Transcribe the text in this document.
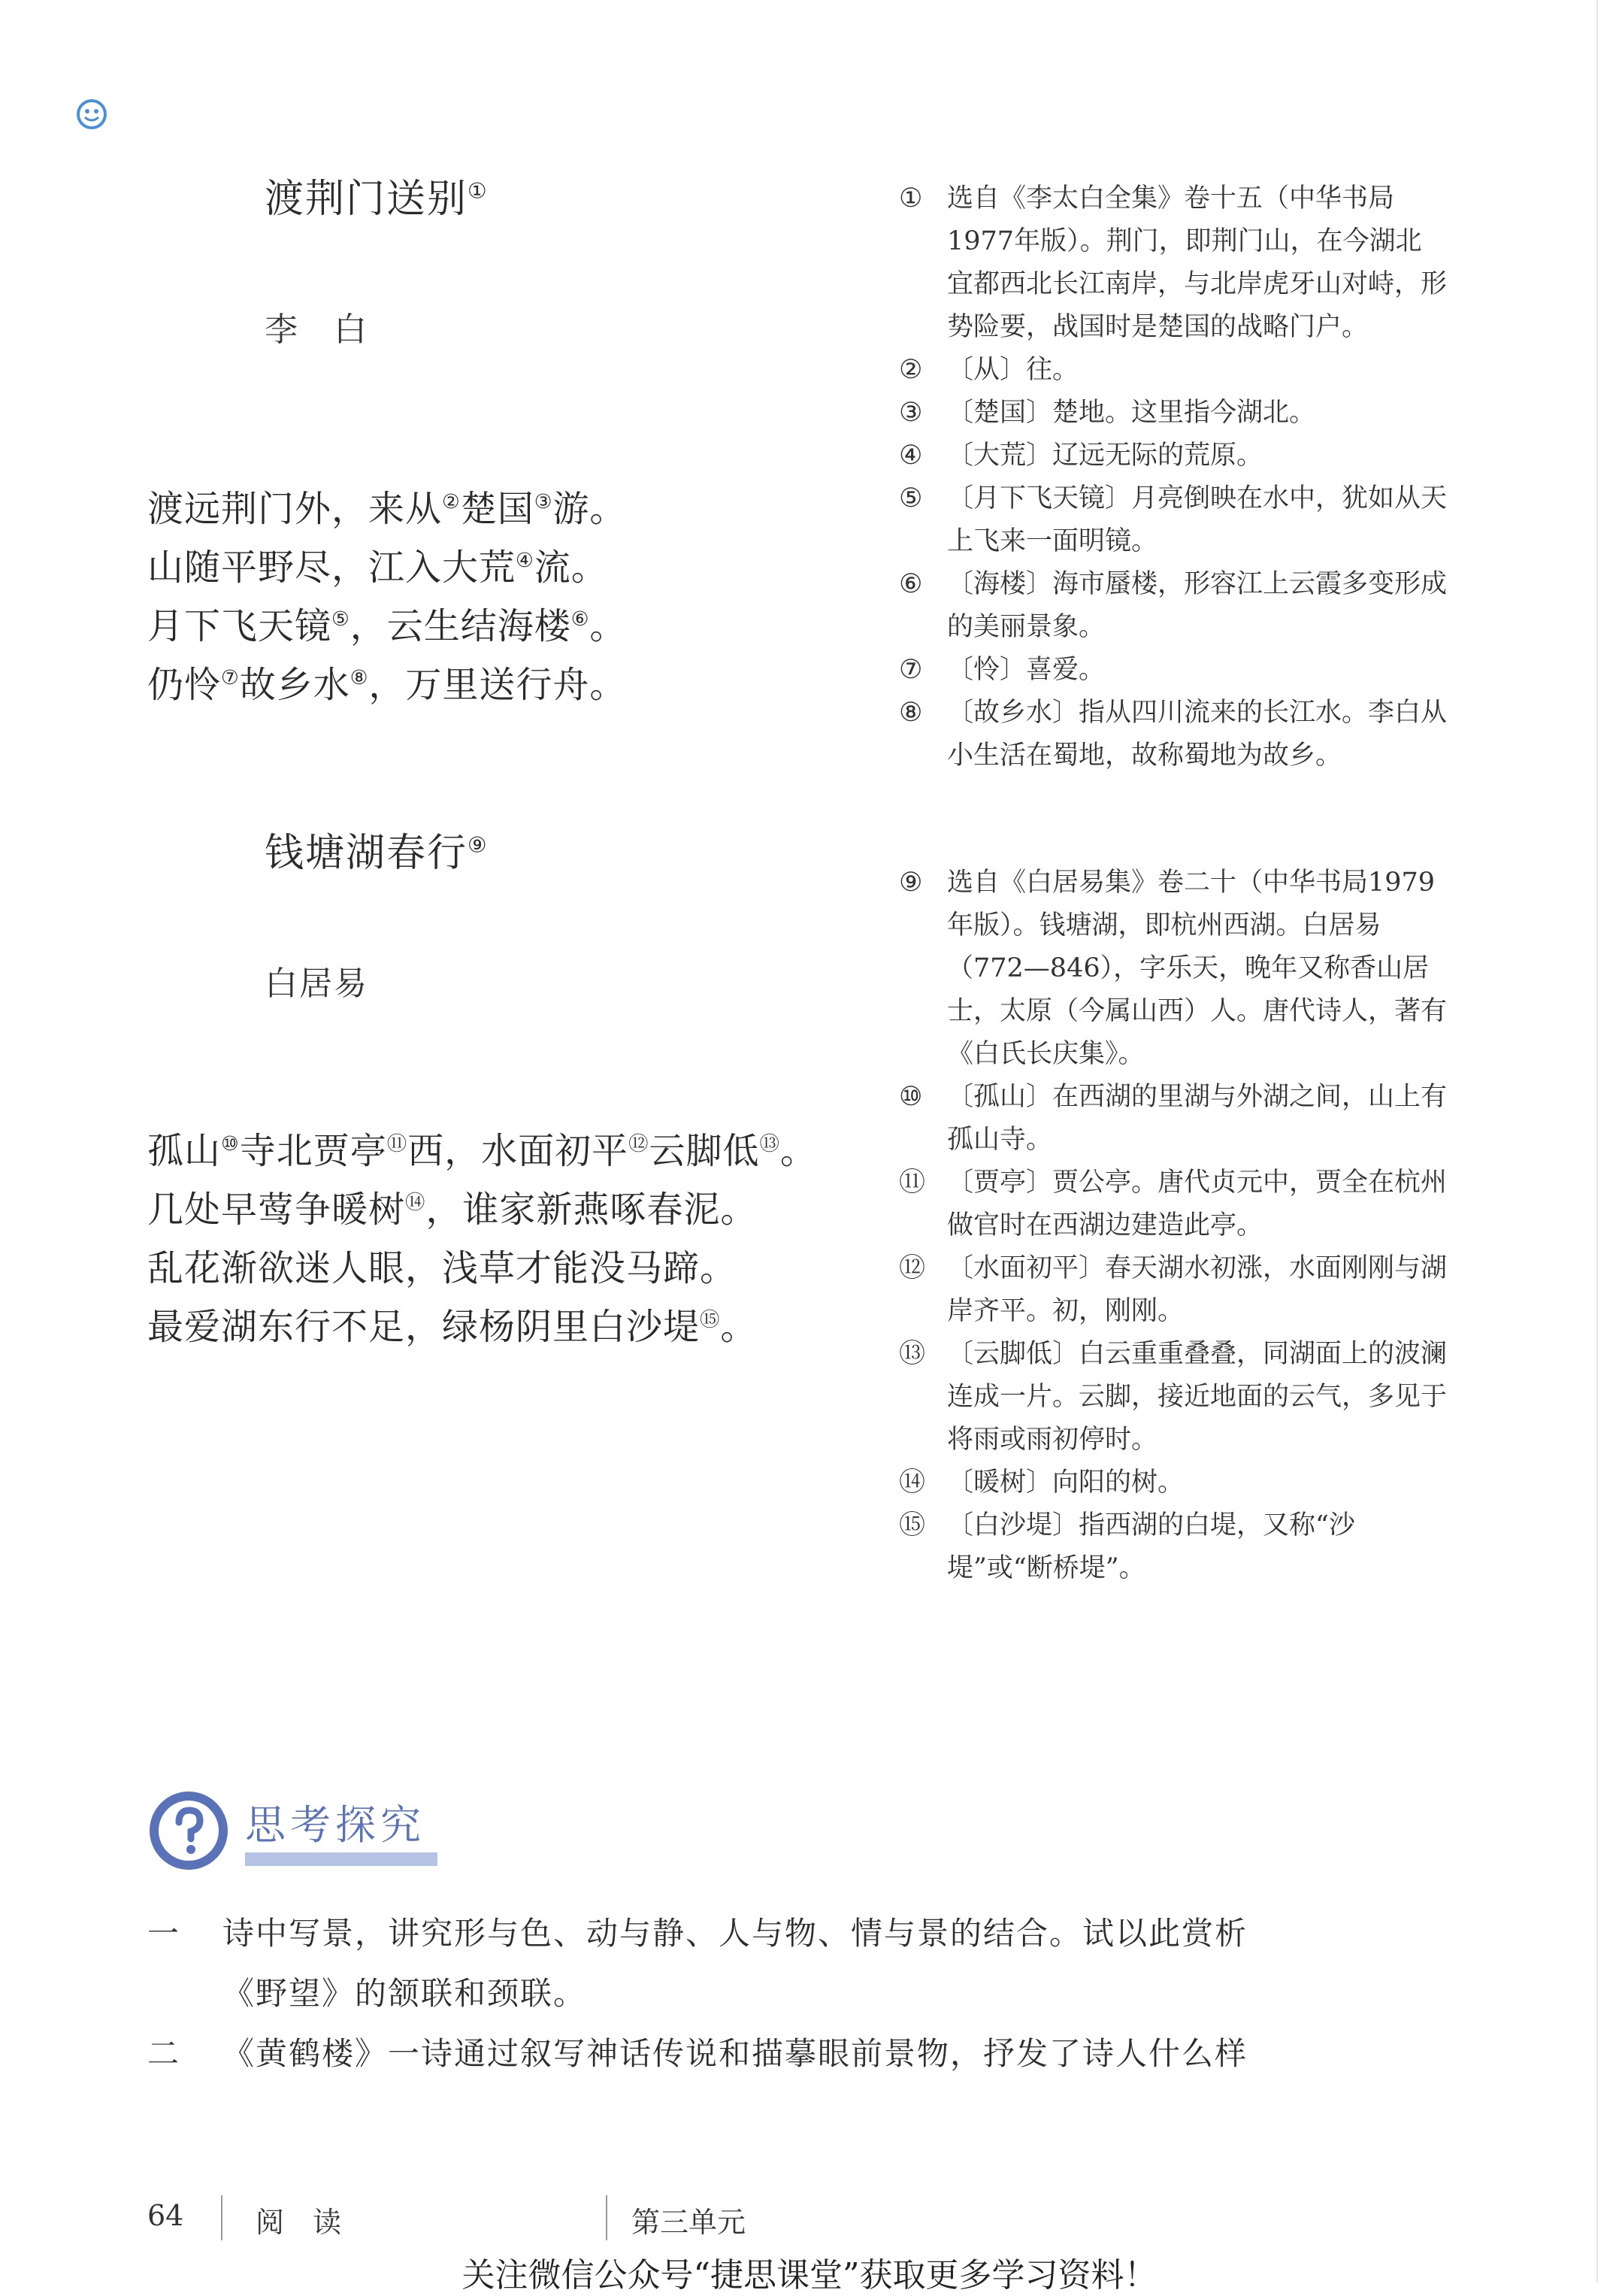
渡荆门送别①
李　白
渡远荆门外，来从②楚国③游。
山随平野尽，江入大荒④流。
月下飞天镜⑤，云生结海楼⑥。
仍怜⑦故乡水⑧，万里送行舟。
钱塘湖春行⑨
白居易
孤山⑩寺北贾亭⑪西，水面初平⑫云脚低⑬。
几处早莺争暖树⑭，谁家新燕啄春泥。
乱花渐欲迷人眼，浅草才能没马蹄。
最爱湖东行不足，绿杨阴里白沙堤⑮。
① 选自《李太白全集》卷十五（中华书局1977年版）。荆门，即荆门山，在今湖北宜都西北长江南岸，与北岸虎牙山对峙，形势险要，战国时是楚国的战略门户。
② 〔从〕往。
③ 〔楚国〕楚地。这里指今湖北。
④ 〔大荒〕辽远无际的荒原。
⑤ 〔月下飞天镜〕月亮倒映在水中，犹如从天上飞来一面明镜。
⑥ 〔海楼〕海市蜃楼，形容江上云霞多变形成的美丽景象。
⑦ 〔怜〕喜爱。
⑧ 〔故乡水〕指从四川流来的长江水。李白从小生活在蜀地，故称蜀地为故乡。
⑨ 选自《白居易集》卷二十（中华书局1979年版）。钱塘湖，即杭州西湖。白居易（772—846），字乐天，晚年又称香山居士，太原（今属山西）人。唐代诗人，著有《白氏长庆集》。
⑩ 〔孤山〕在西湖的里湖与外湖之间，山上有孤山寺。
⑪ 〔贾亭〕贾公亭。唐代贞元中，贾全在杭州做官时在西湖边建造此亭。
⑫ 〔水面初平〕春天湖水初涨，水面刚刚与湖岸齐平。初，刚刚。
⑬ 〔云脚低〕白云重重叠叠，同湖面上的波澜连成一片。云脚，接近地面的云气，多见于将雨或雨初停时。
⑭ 〔暖树〕向阳的树。
⑮ 〔白沙堤〕指西湖的白堤，又称“沙堤”或“断桥堤”。
思考探究
一 诗中写景，讲究形与色、动与静、人与物、情与景的结合。试以此赏析
《野望》的颔联和颈联。
二 《黄鹤楼》一诗通过叙写神话传说和描摹眼前景物，抒发了诗人什么样
64	阅　读	第三单元
关注微信公众号“捷思课堂”获取更多学习资料！
